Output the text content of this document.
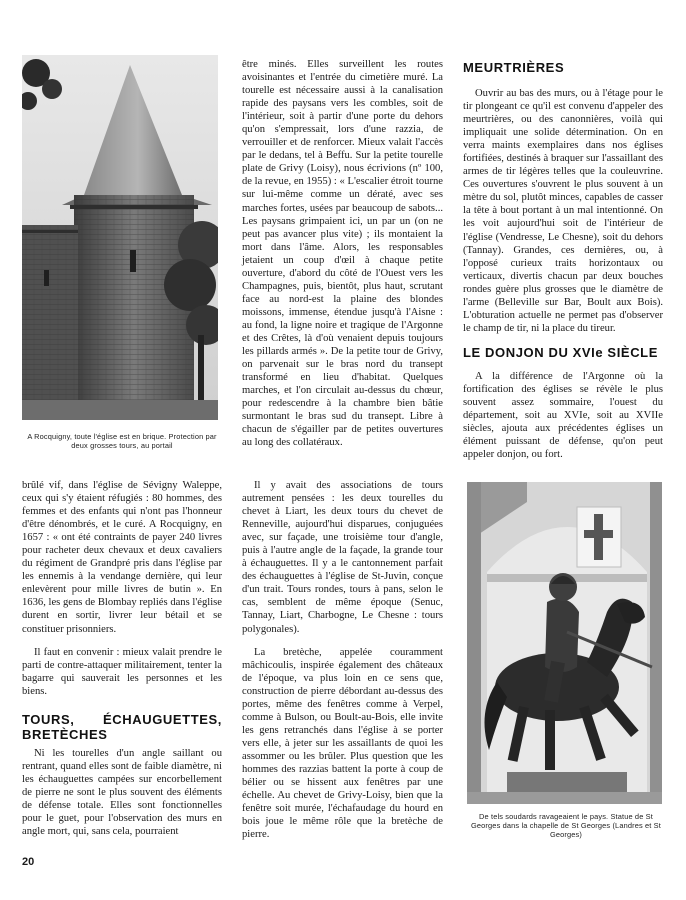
A Rocquigny, toute l'église est en brique. Protection par deux grosses tours, au portail

brûlé vif, dans l'église de Sévigny Waleppe, ceux qui s'y étaient réfugiés : 80 hommes, des femmes et des enfants qui n'ont pas l'honneur d'être dénombrés, et le curé. A Rocquigny, en 1657 : « ont été contraints de payer 240 livres pour racheter deux chevaux et deux cavaliers du régiment de Grandpré pris dans l'église par les ennemis à la vendange dernière, qui leur enlevèrent pour mille livres de butin ». En 1636, les gens de Blombay repliés dans l'église durent en sortir, livrer leur bétail et se constituer prisonniers.

Il faut en convenir : mieux valait prendre le parti de contre-attaquer militairement, tenter la bagarre qui sauverait les personnes et les biens.

TOURS, ÉCHAUGUETTES, BRETÈCHES

Ni les tourelles d'un angle saillant ou rentrant, quand elles sont de faible diamètre, ni les échauguettes campées sur encorbellement de pierre ne sont le plus souvent des éléments de défense totale. Elles sont fonctionnelles pour le guet, pour l'observation des murs en angle mort, qui, sans cela, pourraient

être minés. Elles surveillent les routes avoisinantes et l'entrée du cimetière muré. La tourelle est nécessaire aussi à la canalisation rapide des paysans vers les combles, soit de l'intérieur, soit à partir d'une porte du dehors qu'on s'empressait, lors d'une razzia, de verrouiller et de renforcer. Mieux valait l'accès par le dedans, tel à Beffu. Sur la petite tourelle plate de Grivy (Loisy), nous écrivions (nº 100, de la revue, en 1955) : « L'escalier étroit tourne sur lui-même comme un dératé, avec ses marches fortes, usées par beaucoup de sabots... Les paysans grimpaient ici, un par un (on ne peut pas avancer plus vite) ; ils montaient la mort dans l'âme. Alors, les responsables jetaient un coup d'œil à chaque petite ouverture, d'abord du côté de l'Ouest vers les Champagnes, puis, bientôt, plus haut, scrutant face au nord-est la plaine des blondes moissons, immense, étendue jusqu'à l'Aisne : au fond, la ligne noire et tragique de l'Argonne et des Crêtes, là d'où venaient depuis toujours les pillards armés ». De la petite tour de Grivy, on parvenait sur le bras nord du transept transformé en lieu d'habitat. Quelques marches, et l'on circulait au-dessus du chœur, pour redescendre à la chambre bien bâtie surmontant le bras sud du transept. Libre à chacun de s'égailler par de petites ouvertures au long des collatéraux.

Il y avait des associations de tours autrement pensées : les deux tourelles du chevet à Liart, les deux tours du chevet de Renneville, aujourd'hui disparues, conjuguées avec, sur façade, une troisième tour d'angle, puis à l'autre angle de la façade, la grande tour à échauguettes. Il y a le cantonnement parfait des échauguettes à l'église de St-Juvin, conçue d'un trait. Tours rondes, tours à pans, selon le cas, semblent de même époque (Senuc, Tannay, Liart, Charbogne, Le Chesne : tours polygonales).

La bretèche, appelée couramment mâchicoulis, inspirée également des châteaux de l'époque, va plus loin en ce sens que, construction de pierre débordant au-dessus des portes, même des fenêtres comme à Verpel, comme à Bulson, ou Boult-au-Bois, elle invite les gens retranchés dans l'église à se porter vers elle, à jeter sur les assaillants de quoi les assommer ou les brûler. Plus question que les hommes des razzias battent la porte à coup de bélier ou se hissent aux fenêtres par une échelle. Au chevet de Grivy-Loisy, bien que la fenêtre soit murée, l'échafaudage du hourd en bois joue le même rôle que la bretèche de pierre.

MEURTRIÈRES

Ouvrir au bas des murs, ou à l'étage pour le tir plongeant ce qu'il est convenu d'appeler des meurtrières, ou des canonnières, voilà qui impliquait une solide détermination. On en verra maints exemplaires dans nos églises fortifiées, destinés à braquer sur l'assaillant des armes de tir légères telles que la couleuvrine. Ces ouvertures s'ouvrent le plus souvent à un mètre du sol, plutôt minces, capables de casser la tête à bout portant à un mal intentionné. On les voit aujourd'hui soit de l'intérieur de l'église (Vendresse, Le Chesne), soit du dehors (Tannay). Grandes, ces dernières, ou, à l'opposé curieux traits horizontaux ou verticaux, divertis chacun par deux bouches rondes guère plus grosses que le diamètre de l'arme (Belleville sur Bar, Boult aux Bois). L'obturation actuelle ne permet pas d'observer le champ de tir, ni la place du tireur.

LE DONJON DU XVIe SIÈCLE

A la différence de l'Argonne où la fortification des églises se révèle le plus souvent assez sommaire, l'ouest du département, soit au XVIe, soit au XVIIe siècles, ajouta aux précédentes églises un élément puissant de défense, qu'on peut appeler donjon, ou fort.

De tels soudards ravageaient le pays. Statue de St Georges dans la chapelle de St Georges (Landres et St Georges)
20
